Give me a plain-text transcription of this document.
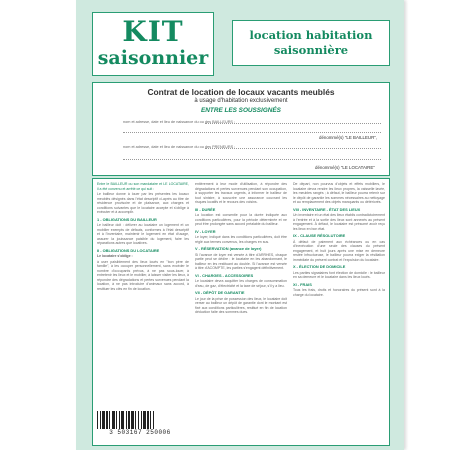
KIT
saisonnier
location habitation
saisonnière
Contrat de location de locaux vacants meublés
à usage d'habitation exclusivement
ENTRE LES SOUSSIGNÉS
nom et adresse, date et lieu de naissance du ou des BAILLEURS :
dénommé(s) "LE BAILLEUR",
nom et adresse, date et lieu de naissance du ou des PRENEURS :
dénommé(s) "LE LOCATAIRE"

Entre le BAILLEUR ou son mandataire et LE LOCATAIRE, il a été convenu et arrêté ce qui suit :

Le bailleur donne à louer par les présentes les locaux meublés désignés dans l'état descriptif ci-après au titre de résidence provisoire et de plaisance, aux charges et conditions suivantes que le locataire accepte et s'oblige à exécuter et à accomplir.

1 - OBLIGATIONS DU BAILLEUR

Le bailleur doit : délivrer au locataire un logement et un mobilier exempts de défauts, conformes à l'état descriptif et à l'inventaire, maintenir le logement en état d'usage, assurer la jouissance paisible du logement, faire les réparations autres que locatives.

II - OBLIGATIONS DU LOCATAIRE

Le locataire s'oblige :

à user paisiblement des lieux loués en "bon père de famille", à les occuper personnellement, sans excéder le nombre d'occupants prévus, à ne pas sous-louer, à entretenir les lieux et le mobilier, à laisser visiter les lieux, à répondre des dégradations et pertes survenues pendant la location, à ne pas introduire d'animaux sans accord, à restituer les clés en fin de location.

3 503167 250006

entièrement à leur mode d'utilisation, à répondre des dégradations et pertes survenues pendant son occupation, à supporter les travaux urgents, à informer le bailleur de tout sinistre, à souscrire une assurance couvrant les risques locatifs et le recours des voisins.

III - DURÉE

La location est consentie pour la durée indiquée aux conditions particulières, pour la période déterminée et ne peut être prolongée sans accord préalable du bailleur.

IV - LOYER

Le loyer, indiqué dans les conditions particulières, doit être réglé aux termes convenus, les charges en sus.

V - RÉSERVATION (avance de loyer)

Si l'avance de loyer est versée à titre d'ARRHES, chaque partie peut se dédire : le locataire en les abandonnant, le bailleur en les restituant au double. Si l'avance est versée à titre d'ACOMPTE, les parties s'engagent définitivement.

VI - CHARGES - ACCESSOIRES

Le locataire devra acquitter les charges de consommation d'eau, de gaz, d'électricité et la taxe de séjour, s'il y a lieu.

VII - DÉPÔT DE GARANTIE

Le jour de la prise de possession des lieux, le locataire doit verser au bailleur un dépôt de garantie dont le montant est fixé aux conditions particulières, restitué en fin de location déduction faite des sommes dues.

De départ, non pourvus d'objets et effets mobiliers, le locataire devra rendre les lieux propres, la vaisselle lavée, les meubles rangés ; à défaut, le bailleur pourra retenir sur le dépôt de garantie les sommes nécessaires au nettoyage et au remplacement des objets manquants ou détériorés.

VIII - INVENTAIRE - ÉTAT DES LIEUX

Un inventaire et un état des lieux établis contradictoirement à l'entrée et à la sortie des lieux sont annexés au présent engagement. À défaut, le locataire est présumé avoir reçu les lieux en bon état.

IX - CLAUSE RÉSOLUTOIRE

À défaut de paiement aux échéances ou en cas d'inexécution d'une seule des clauses du présent engagement, et huit jours après une mise en demeure restée infructueuse, le bailleur pourra exiger la résiliation immédiate du présent contrat et l'expulsion du locataire.

X - ÉLECTION DE DOMICILE

Les parties signataires font élection de domicile : le bailleur en sa demeure et le locataire dans les lieux loués.

XI - FRAIS

Tous les frais, droits et honoraires du présent sont à la charge du locataire.
